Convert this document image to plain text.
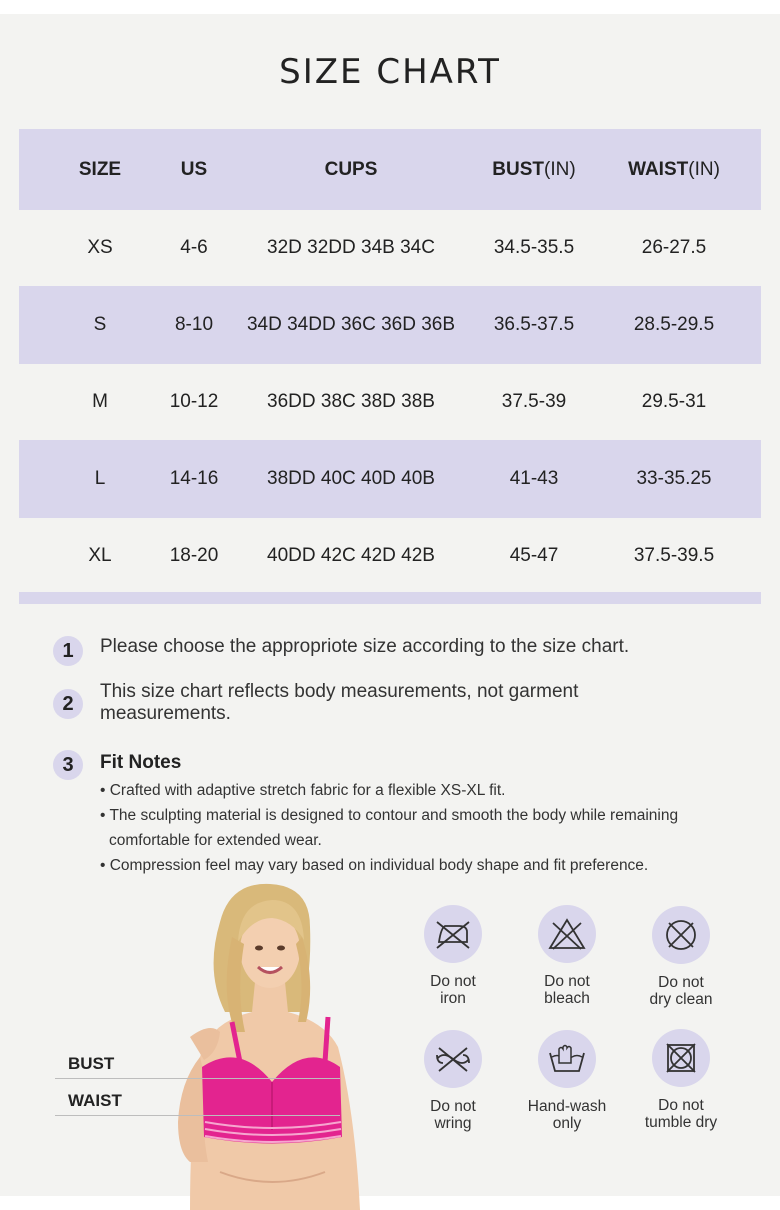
SIZE CHART
SIZE	US	CUPS	BUST (IN)	WAIST (IN)
XS	4-6	32D 32DD 34B 34C	34.5-35.5	26-27.5
S	8-10	34D 34DD 36C 36D 36B	36.5-37.5	28.5-29.5
M	10-12	36DD 38C 38D 38B	37.5-39	29.5-31
L	14-16	38DD 40C 40D 40B	41-43	33-35.25
XL	18-20	40DD 42C 42D 42B	45-47	37.5-39.5
1	Please choose the appropriote size according to the size chart.
2
This size chart reflects body measurements, not garment measurements.
3	Fit Notes
• Crafted with adaptive stretch fabric for a flexible XS-XL fit.
• The sculpting material is designed to contour and smooth the body while remaining comfortable for extended wear.
• Compression feel may vary based on individual body shape and fit preference.
BUST
WAIST
Do not
iron
Do not
bleach
Do not
dry clean
Do not
wring
Hand-wash
only
Do not
tumble dry
